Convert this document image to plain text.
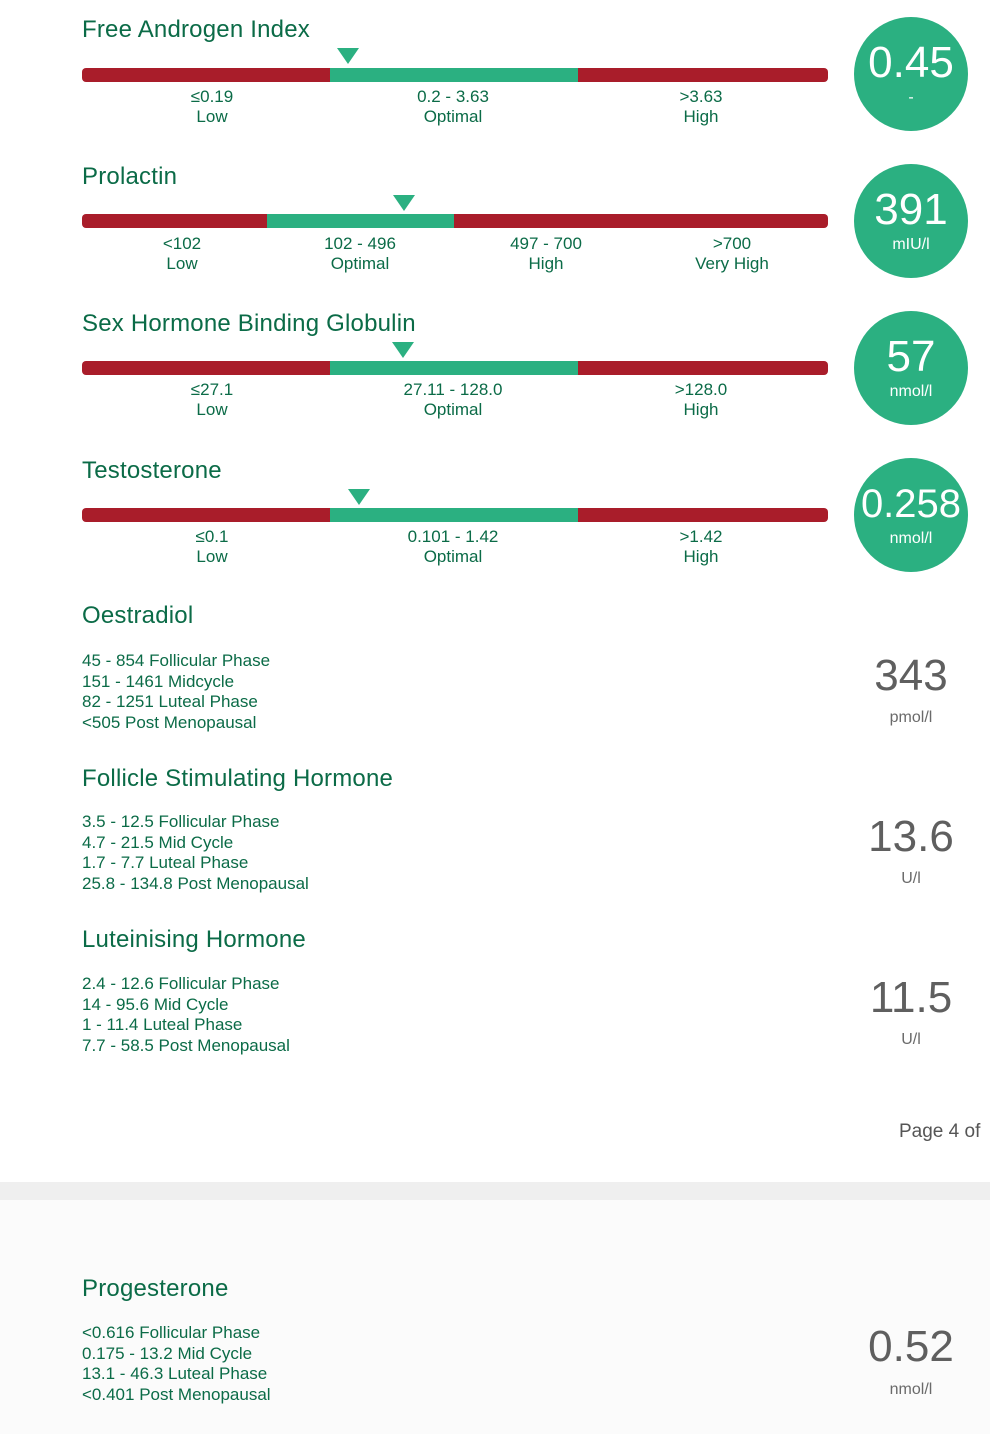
Free Androgen Index
≤0.19
Low
0.2 - 3.63
Optimal
>3.63
High
0.45
-
Prolactin
<102
Low
102 - 496
Optimal
497 - 700
High
>700
Very High
391
mIU/l
Sex Hormone Binding Globulin
≤27.1
Low
27.11 - 128.0
Optimal
>128.0
High
57
nmol/l
Testosterone
≤0.1
Low
0.101 - 1.42
Optimal
>1.42
High
0.258
nmol/l
Oestradiol
45 - 854 Follicular Phase
151 - 1461 Midcycle
82 - 1251 Luteal Phase
<505 Post Menopausal
343
pmol/l
Follicle Stimulating Hormone
3.5 - 12.5 Follicular Phase
4.7 - 21.5 Mid Cycle
1.7 - 7.7 Luteal Phase
25.8 - 134.8 Post Menopausal
13.6
U/l
Luteinising Hormone
2.4 - 12.6 Follicular Phase
14 - 95.6 Mid Cycle
1 - 11.4 Luteal Phase
7.7 - 58.5 Post Menopausal
11.5
U/l
Page 4 of
Progesterone
<0.616 Follicular Phase
0.175 - 13.2 Mid Cycle
13.1 - 46.3 Luteal Phase
<0.401 Post Menopausal
0.52
nmol/l
